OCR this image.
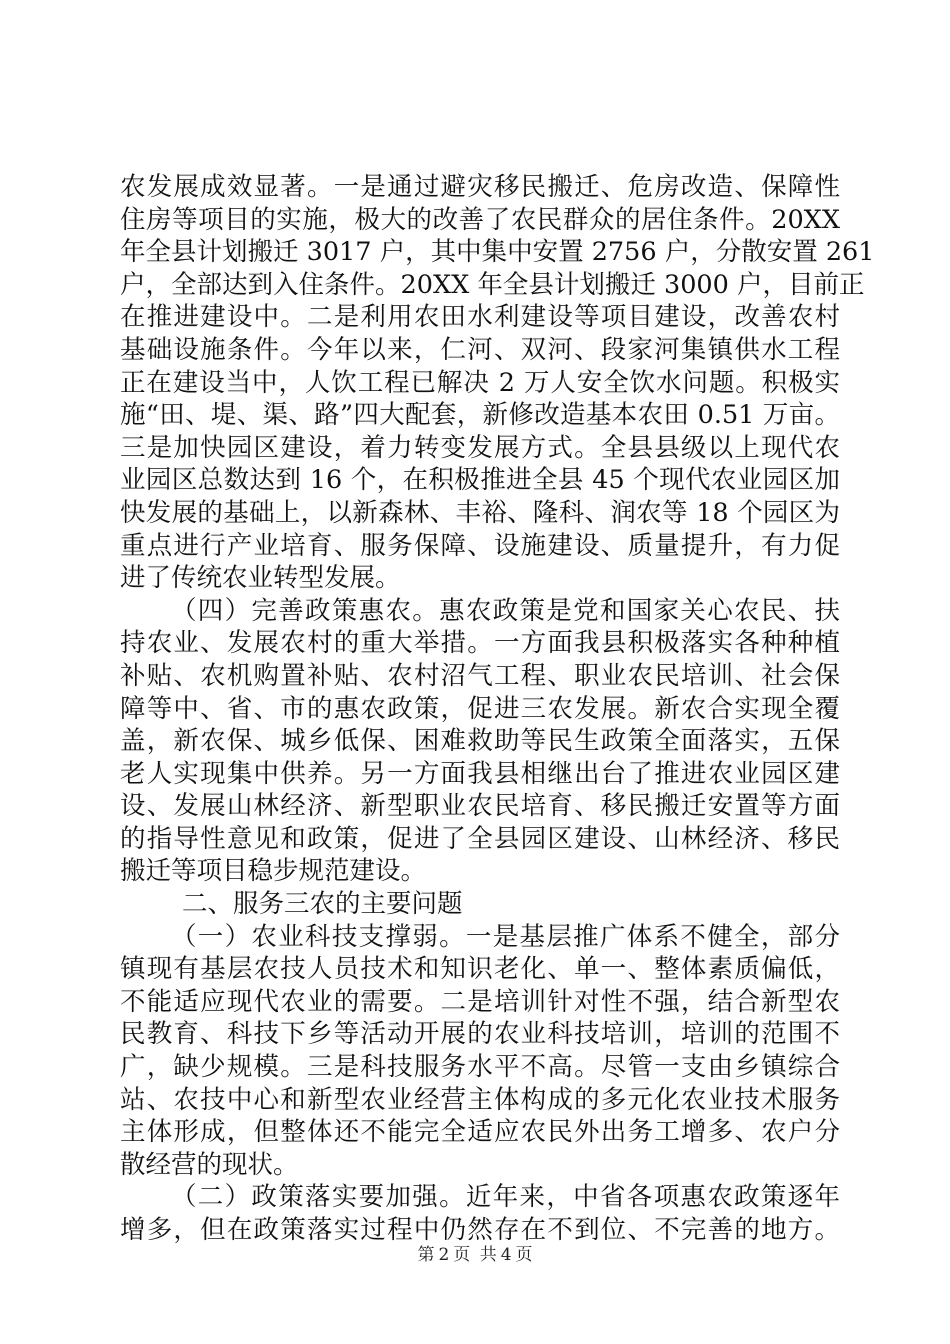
农发展成效显著。一是通过避灾移民搬迁、危房改造、保障性
住房等项目的实施，极大的改善了农民群众的居住条件。20XX
年全县计划搬迁 3017 户，其中集中安置 2756 户，分散安置 261
户，全部达到入住条件。20XX 年全县计划搬迁 3000 户，目前正
在推进建设中。二是利用农田水利建设等项目建设，改善农村
基础设施条件。今年以来，仁河、双河、段家河集镇供水工程
正在建设当中，人饮工程已解决 2 万人安全饮水问题。积极实
施“田、堤、渠、路”四大配套，新修改造基本农田 0.51 万亩。
三是加快园区建设，着力转变发展方式。全县县级以上现代农
业园区总数达到 16 个，在积极推进全县 45 个现代农业园区加
快发展的基础上，以新森林、丰裕、隆科、润农等 18 个园区为
重点进行产业培育、服务保障、设施建设、质量提升，有力促
进了传统农业转型发展。
（四）完善政策惠农。惠农政策是党和国家关心农民、扶
持农业、发展农村的重大举措。一方面我县积极落实各种种植
补贴、农机购置补贴、农村沼气工程、职业农民培训、社会保
障等中、省、市的惠农政策，促进三农发展。新农合实现全覆
盖，新农保、城乡低保、困难救助等民生政策全面落实，五保
老人实现集中供养。另一方面我县相继出台了推进农业园区建
设、发展山林经济、新型职业农民培育、移民搬迁安置等方面
的指导性意见和政策，促进了全县园区建设、山林经济、移民
搬迁等项目稳步规范建设。
二、服务三农的主要问题
（一）农业科技支撑弱。一是基层推广体系不健全，部分
镇现有基层农技人员技术和知识老化、单一、整体素质偏低，
不能适应现代农业的需要。二是培训针对性不强，结合新型农
民教育、科技下乡等活动开展的农业科技培训，培训的范围不
广，缺少规模。三是科技服务水平不高。尽管一支由乡镇综合
站、农技中心和新型农业经营主体构成的多元化农业技术服务
主体形成，但整体还不能完全适应农民外出务工增多、农户分
散经营的现状。
（二）政策落实要加强。近年来，中省各项惠农政策逐年
增多，但在政策落实过程中仍然存在不到位、不完善的地方。
第 2 页 共 4 页
